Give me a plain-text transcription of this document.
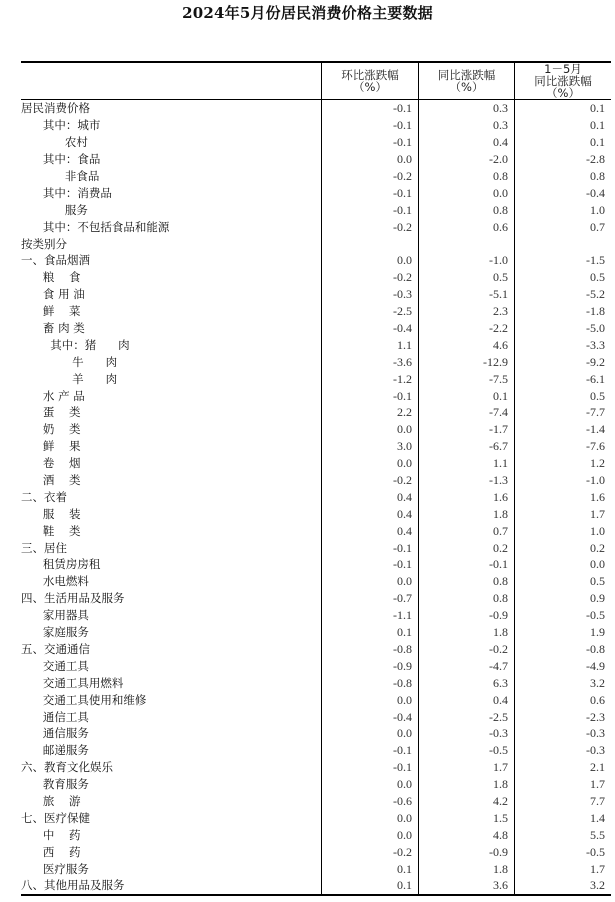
2024年5月份居民消费价格主要数据

环比涨跌幅
（%）

同比涨跌幅
（%）

1－5月
同比涨跌幅
（%）

居民消费价格	-0.1	0.3	0.1
其中：城市	-0.1	0.3	0.1
农村	-0.1	0.4	0.1
其中：食品	0.0	-2.0	-2.8
非食品	-0.2	0.8	0.8
其中：消费品	-0.1	0.0	-0.4
服务	-0.1	0.8	1.0
其中：不包括食品和能源	-0.2	0.6	0.7
按类别分			
一、食品烟酒	0.0	-1.0	-1.5
粮    食	-0.2	0.5	0.5
食 用 油	-0.3	-5.1	-5.2
鲜    菜	-2.5	2.3	-1.8
畜 肉 类	-0.4	-2.2	-5.0
其中：猪      肉	1.1	4.6	-3.3
牛      肉	-3.6	-12.9	-9.2
羊      肉	-1.2	-7.5	-6.1
水 产 品	-0.1	0.1	0.5
蛋    类	2.2	-7.4	-7.7
奶    类	0.0	-1.7	-1.4
鲜    果	3.0	-6.7	-7.6
卷    烟	0.0	1.1	1.2
酒    类	-0.2	-1.3	-1.0
二、衣着	0.4	1.6	1.6
服    装	0.4	1.8	1.7
鞋    类	0.4	0.7	1.0
三、居住	-0.1	0.2	0.2
租赁房房租	-0.1	-0.1	0.0
水电燃料	0.0	0.8	0.5
四、生活用品及服务	-0.7	0.8	0.9
家用器具	-1.1	-0.9	-0.5
家庭服务	0.1	1.8	1.9
五、交通通信	-0.8	-0.2	-0.8
交通工具	-0.9	-4.7	-4.9
交通工具用燃料	-0.8	6.3	3.2
交通工具使用和维修	0.0	0.4	0.6
通信工具	-0.4	-2.5	-2.3
通信服务	0.0	-0.3	-0.3
邮递服务	-0.1	-0.5	-0.3
六、教育文化娱乐	-0.1	1.7	2.1
教育服务	0.0	1.8	1.7
旅    游	-0.6	4.2	7.7
七、医疗保健	0.0	1.5	1.4
中    药	0.0	4.8	5.5
西    药	-0.2	-0.9	-0.5
医疗服务	0.1	1.8	1.7
八、其他用品及服务	0.1	3.6	3.2
